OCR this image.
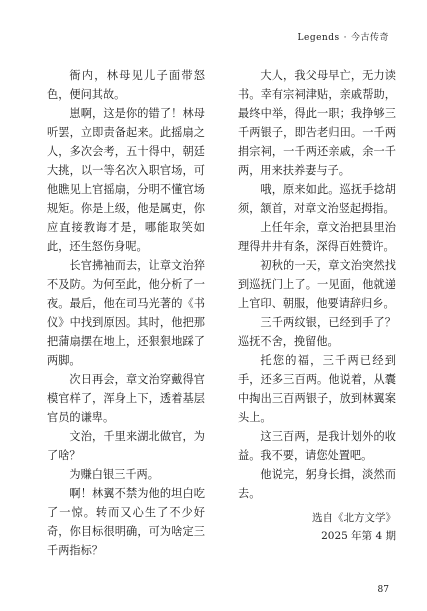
Legends · 今古传奇

衙内，林母见儿子面带怒色，便问其故。

崽啊，这是你的错了！林母听罢，立即责备起来。此摇扇之人，多次会考，五十得中，朝廷大挑，以一等名次入职官场，可他瞧见上官摇扇，分明不懂官场规矩。你是上级，他是属吏，你应直接教诲才是，哪能取笑如此，还生怒伤身呢。

长官拂袖而去，让章文治猝不及防。为何至此，他分析了一夜。最后，他在司马光著的《书仪》中找到原因。其时，他把那把蒲扇摆在地上，还狠狠地踩了两脚。

次日再会，章文治穿戴得官模官样了，浑身上下，透着基层官员的谦卑。

文治，千里来湖北做官，为了啥？

为赚白银三千两。

啊！林翼不禁为他的坦白吃了一惊。转而又心生了不少好奇，你目标很明确，可为啥定三千两指标？

大人，我父母早亡，无力读书。幸有宗祠津贴，亲戚帮助，最终中举，得此一职；我挣够三千两银子，即告老归田。一千两捐宗祠，一千两还亲戚，余一千两，用来扶养妻与子。

哦，原来如此。巡抚手捻胡须，颔首，对章文治竖起拇指。

上任年余，章文治把县里治理得井井有条，深得百姓赞许。

初秋的一天，章文治突然找到巡抚门上了。一见面，他就递上官印、朝服，他要请辞归乡。

三千两纹银，已经到手了？巡抚不舍，挽留他。

托您的福，三千两已经到手，还多三百两。他说着，从囊中掏出三百两银子，放到林翼案头上。

这三百两，是我计划外的收益。我不要，请您处置吧。

他说完，躬身长揖，淡然而去。

选自《北方文学》
2025 年第 4 期
87
